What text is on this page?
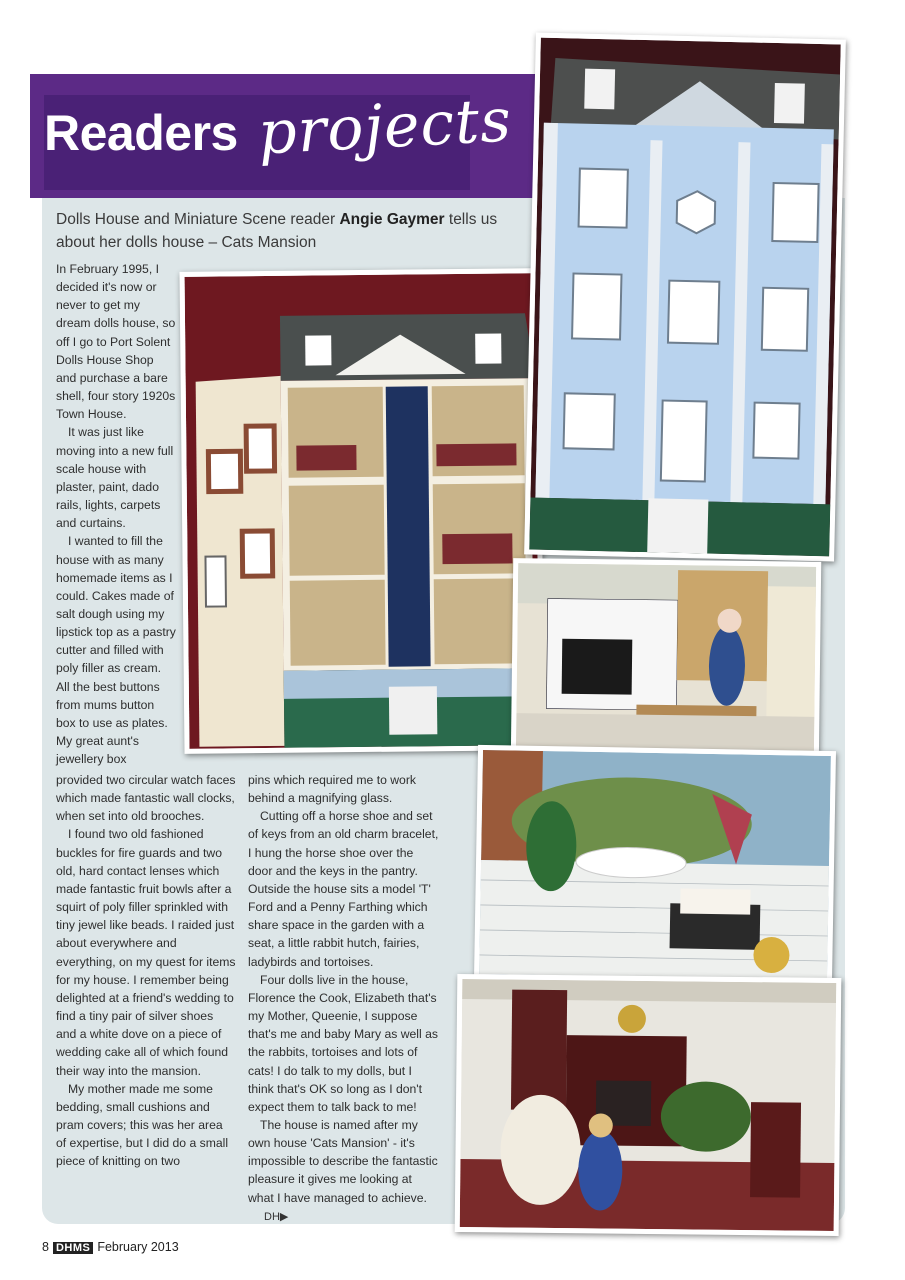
Readers projects
Dolls House and Miniature Scene reader Angie Gaymer tells us about her dolls house – Cats Mansion

In February 1995, I decided it's now or never to get my dream dolls house, so off I go to Port Solent Dolls House Shop and purchase a bare shell, four story 1920s Town House.

It was just like moving into a new full scale house with plaster, paint, dado rails, lights, carpets and curtains.

I wanted to fill the house with as many homemade items as I could. Cakes made of salt dough using my lipstick top as a pastry cutter and filled with poly filler as cream. All the best buttons from mums button box to use as plates. My great aunt's jewellery box

provided two circular watch faces which made fantastic wall clocks, when set into old brooches.

I found two old fashioned buckles for fire guards and two old, hard contact lenses which made fantastic fruit bowls after a squirt of poly filler sprinkled with tiny jewel like beads. I raided just about everywhere and everything, on my quest for items for my house. I remember being delighted at a friend's wedding to find a tiny pair of silver shoes and a white dove on a piece of wedding cake all of which found their way into the mansion.

My mother made me some bedding, small cushions and pram covers; this was her area of expertise, but I did do a small piece of knitting on two

pins which required me to work behind a magnifying glass.

Cutting off a horse shoe and set of keys from an old charm bracelet, I hung the horse shoe over the door and the keys in the pantry. Outside the house sits a model 'T' Ford and a Penny Farthing which share space in the garden with a seat, a little rabbit hutch, fairies, ladybirds and tortoises.

Four dolls live in the house, Florence the Cook, Elizabeth that's my Mother, Queenie, I suppose that's me and baby Mary as well as the rabbits, tortoises and lots of cats! I do talk to my dolls, but I think that's OK so long as I don't expect them to talk back to me!

The house is named after my own house 'Cats Mansion' - it's impossible to describe the fantastic pleasure it gives me looking at what I have managed to achieve.DH▶

8 DHMS February 2013
